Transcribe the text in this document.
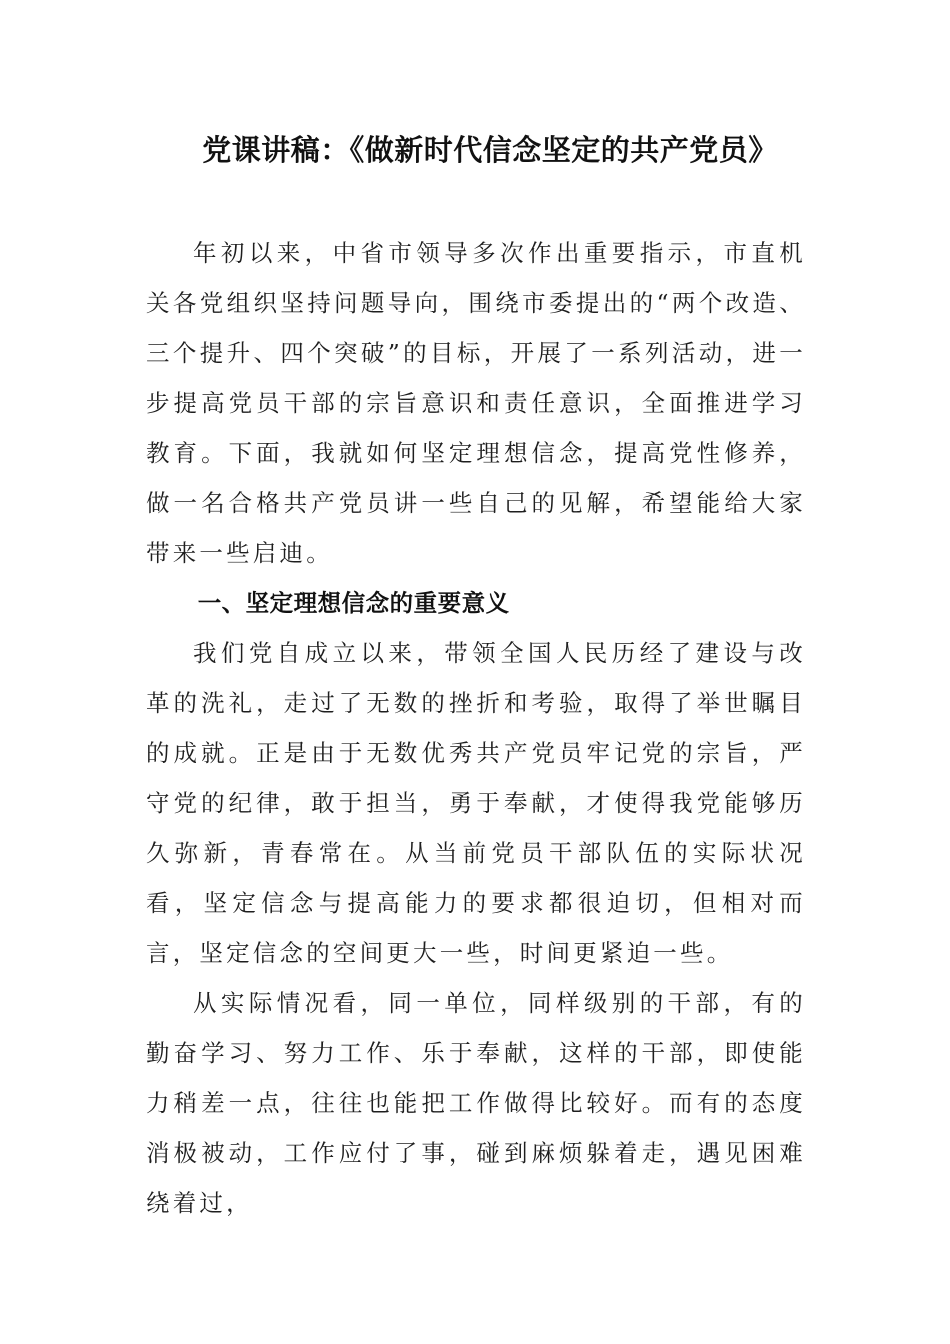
党课讲稿：《做新时代信念坚定的共产党员》

年初以来，中省市领导多次作出重要指示，市直机关各党组织坚持问题导向，围绕市委提出的“两个改造、三个提升、四个突破”的目标，开展了一系列活动，进一步提高党员干部的宗旨意识和责任意识，全面推进学习教育。下面，我就如何坚定理想信念，提高党性修养，做一名合格共产党员讲一些自己的见解，希望能给大家带来一些启迪。

一、坚定理想信念的重要意义

我们党自成立以来，带领全国人民历经了建设与改革的洗礼，走过了无数的挫折和考验，取得了举世瞩目的成就。正是由于无数优秀共产党员牢记党的宗旨，严守党的纪律，敢于担当，勇于奉献，才使得我党能够历久弥新，青春常在。从当前党员干部队伍的实际状况看，坚定信念与提高能力的要求都很迫切，但相对而言，坚定信念的空间更大一些，时间更紧迫一些。

从实际情况看，同一单位，同样级别的干部，有的勤奋学习、努力工作、乐于奉献，这样的干部，即使能力稍差一点，往往也能把工作做得比较好。而有的态度消极被动，工作应付了事，碰到麻烦躲着走，遇见困难绕着过，
